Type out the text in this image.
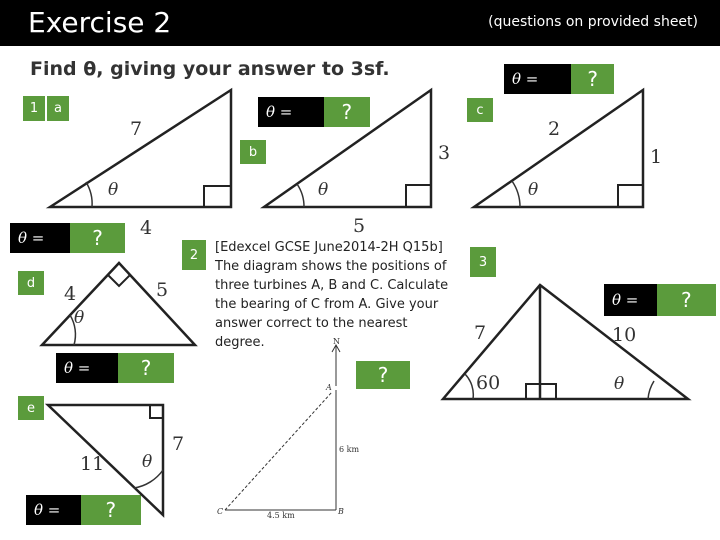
Exercise 2	(questions on provided sheet)
Find θ, giving your answer to 3sf.
1	a
b
c
d
e
2	3
θ =	?
θ =	?
θ =	?
θ =	?
θ =	?
θ =	?
?
7
4
θ
3
5
θ
2
1
θ
4	5
θ
11
7
θ
[Edexcel GCSE June2014-2H Q15b] The diagram shows the positions of three turbines A, B and C. Calculate the bearing of C from A. Give your answer correct to the nearest degree.	N
A
B
C
6 km
4.5 km
7	10
60	θ
